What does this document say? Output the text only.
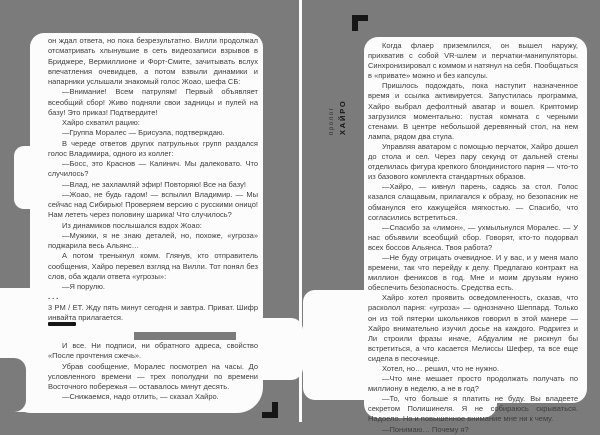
он ждал ответа, но пока безрезультатно. Вилли продолжал отсматривать хлынувшие в сеть видеозаписи взрывов в Бриджере, Вермиллионе и Форт-Смите, зачитывать вслух впечатления очевидцев, а потом взвыли динамики и напарники услышали знакомый голос Жоао, шефа СБ:

—Внимание! Всем патрулям! Первый объявляет всеобщий сбор! Живо подняли свои задницы и пулей на базу! Это приказ! Подтвердите!

Хайро схватил рацию:

—Группа Моралес — Брисуэла, подтверждаю.

В череде ответов других патрульных групп раздался голос Владимира, одного из коллег:

—Босс, это Краснов — Калинич. Мы далековато. Что случилось?

—Влад, не захламляй эфир! Повторяю! Все на базу!

—Жоао, не будь гадом! — вспылил Владимир. — Мы сейчас над Сибирью! Проверяем версию с русскими оницо! Нам лететь через половину шарика! Что случилось?

Из динамиков послышался вздох Жоао:

—Мужики, я не знаю деталей, но, похоже, «угроза» поджарила весь Альянс…

А потом тренькнул комм. Глянув, кто отправитель сообщения, Хайро перевел взгляд на Вилли. Тот понял без слов, оба ждали ответа «угрозы»:

—Я порулю.

...

3 PM / ET. Жду пять минут сегодня и завтра. Приват. Шифр инвайта прилагается.

И все. Ни подписи, ни обратного адреса, свойство «После прочтения сжечь».

Убрав сообщение, Моралес посмотрел на часы. До условленного времени — трех пополудни по времени Восточного побережья — оставалось минут десять.

—Снижаемся, надо отлить, — сказал Хайро.

пролог ХАЙРО

Когда флаер приземлился, он вышел наружу, прихватив с собой VR-шлем и перчатки-манипуляторы. Синхронизировал с коммом и натянул на себя. Пообщаться в «привате» можно и без капсулы.

Пришлось подождать, пока наступит назначенное время и ссылка активируется. Запустилась программа, Хайро выбрал дефолтный аватар и вошел. Криптомир загрузился моментально: пустая комната с черными стенами. В центре небольшой деревянный стол, на нем лампа, рядом два стула.

Управляя аватаром с помощью перчаток, Хайро дошел до стола и сел. Через пару секунд от дальней стены отделилась фигура крепкого блондинистого парня — что-то из базового комплекта стандартных образов.

—Хайро, — кивнул парень, садясь за стол. Голос казался слащавым, прилагался к образу, но безопасник не обманулся его кажущейся мягкостью. — Спасибо, что согласились встретиться.

—Спасибо за «лимон», — ухмыльнулся Моралес. — У нас объявили всеобщий сбор. Говорят, кто-то подорвал всех боссов Альянса. Твоя работа?

—Не буду отрицать очевидное. И у вас, и у меня мало времени, так что перейду к делу. Предлагаю контракт на миллион фениксов в год. Мне и моим друзьям нужно обеспечить безопасность. Средства есть.

Хайро хотел проявить осведомленность, сказав, что расколол парня: «угроза» — однозначно Шеппард. Только он из той пятерки школьников говорил в этой манере — Хайро внимательно изучил досье на каждого. Родригез и Ли строили фразы иначе, Абдуалим не рискнул бы встретиться, а что касается Мелиссы Шефер, та все еще сидела в песочнице.

Хотел, но… решил, что не нужно.

—Что мне мешает просто продолжать получать по миллиону в неделю, а не в год?

—То, что больше я платить не буду. Вы владеете секретом Полишинеля. Я не собираюсь скрываться. Надоело. Но и повышенное внимание мне ни к чему.

—Понимаю… Почему я?
